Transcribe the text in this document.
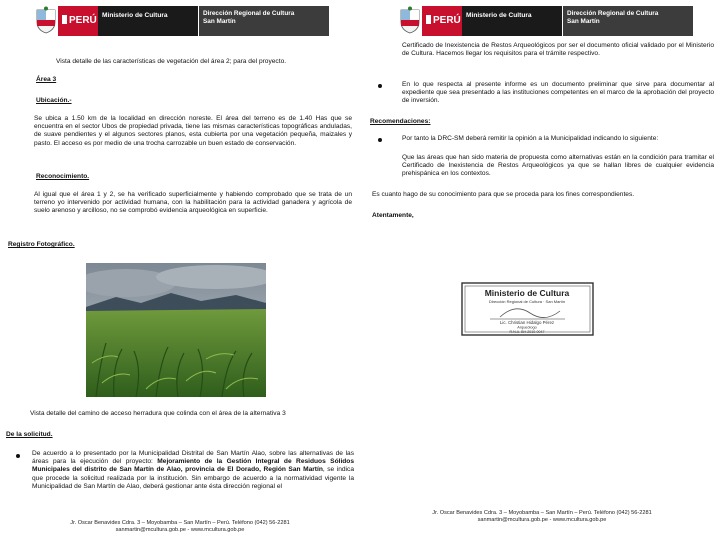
PERÚ Ministerio de Cultura	Dirección Regional de Cultura
San Martín
Vista detalle de las características de vegetación del área 2; para del proyecto.
Área 3
Ubicación.-
Se ubica a 1.50 km de la localidad en dirección noreste. El área del terreno es de 1.40 Has que se encuentra en el sector Ubos de propiedad privada, tiene las mismas características topográficas anduladas, de suave pendientes y el algunos sectores planos, esta cubierta por una vegetación pequeña, maizales y pasto. El acceso es por medio de una trocha carrozable un buen estado de conservación.
Reconocimiento.
Al igual que el área 1 y 2, se ha verificado superficialmente y habiendo comprobado que se trata de un terreno yo intervenido por actividad humana, con la habilitación para la actividad ganadera y agrícola de suelo arenoso y arcilloso, no se comprobó evidencia arqueológica en superficie.
Registro Fotográfico.
Vista detalle del camino de acceso herradura que colinda con el área de la alternativa 3
De la solicitud.
De acuerdo a lo presentado por la Municipalidad Distrital de San Martín Alao, sobre las alternativas de las áreas para la ejecución del proyecto: Mejoramiento de la Gestión Integral de Residuos Sólidos Municipales del distrito de San Martín de Alao, provincia de El Dorado, Región San Martín, se indica que procede la solicitud realizada por la institución. Sin embargo de acuerdo a la normatividad vigente la Municipalidad de San Martín de Alao, deberá gestionar ante ésta dirección regional el
Jr. Oscar Benavides Cdra. 3 – Moyobamba – San Martín – Perú. Teléfono (042) 56-2281
sanmartin@mcultura.gob.pe - www.mcultura.gob.pe
PERÚ Ministerio de Cultura	Dirección Regional de Cultura
San Martín
Certificado de Inexistencia de Restos Arqueológicos por ser el documento oficial validado por el Ministerio de Cultura. Hacemos llegar los requisitos para el trámite respectivo.
En lo que respecta al presente informe es un documento preliminar que sirve para documentar al expediente que sea presentado a las instituciones competentes en el marco de la aprobación del proyecto de inversión.
Recomendaciones:
Por tanto la DRC-SM deberá remitir la opinión a la Municipalidad indicando lo siguiente:
Que las áreas que han sido materia de propuesta como alternativas están en la condición para tramitar el Certificado de Inexistencia de Restos Arqueológicos ya que se hallan libres de cualquier evidencia prehispánica en los contextos.
Es cuanto hago de su conocimiento para que se proceda para los fines correspondientes.
Atentamente,
Jr. Oscar Benavides Cdra. 3 – Moyobamba – San Martín – Perú. Teléfono (042) 56-2281
sanmartin@mcultura.gob.pe - www.mcultura.gob.pe
Ministerio de Cultura
Dirección Regional de Cultura · San Martín
Lic. Christian Hidalgo Pérez
Arqueólogo
R.N.A. BH-2010-0047
